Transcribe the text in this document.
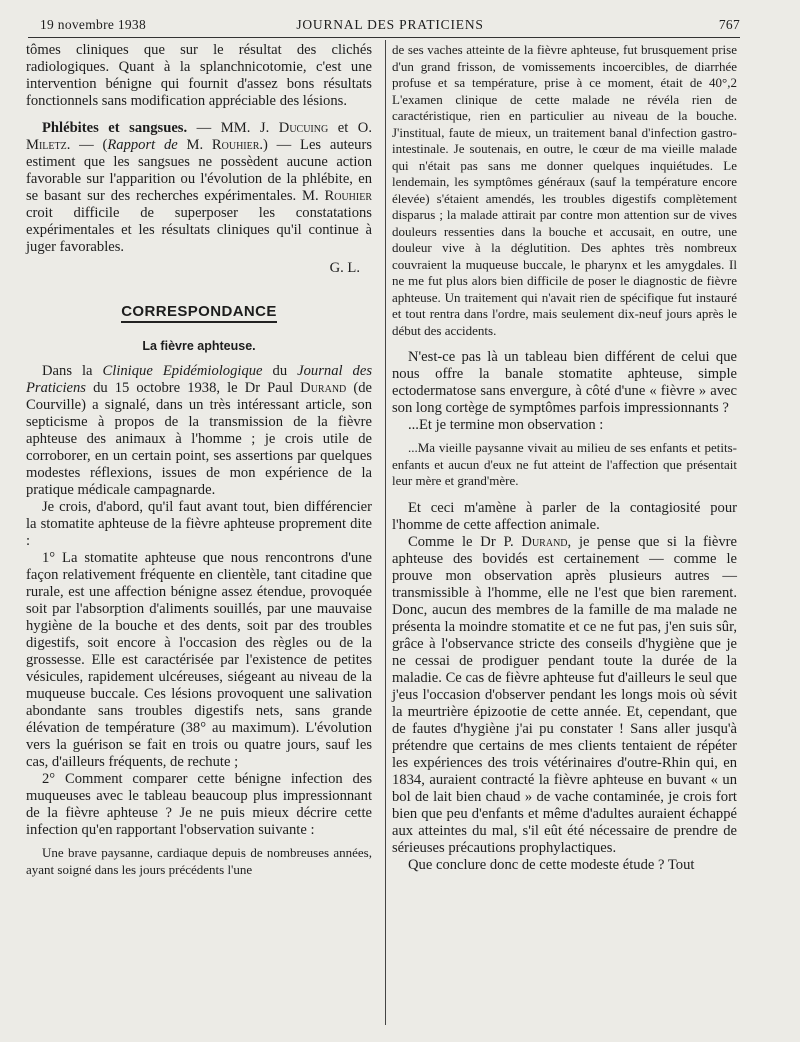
19 novembre 1938	JOURNAL DES PRATICIENS	767

tômes cliniques que sur le résultat des clichés radiologiques. Quant à la splanchnicotomie, c'est une intervention bénigne qui fournit d'assez bons résultats fonctionnels sans modification appréciable des lésions.

Phlébites et sangsues. — MM. J. Ducuing et O. Miletz. — (Rapport de M. Rouhier.) — Les auteurs estiment que les sangsues ne possèdent aucune action favorable sur l'apparition ou l'évolution de la phlébite, en se basant sur des recherches expérimentales. M. Rouhier croit difficile de superposer les constatations expérimentales et les résultats cliniques qu'il continue à juger favorables.

G. L.

CORRESPONDANCE
La fièvre aphteuse.

Dans la Clinique Epidémiologique du Journal des Praticiens du 15 octobre 1938, le Dr Paul Durand (de Courville) a signalé, dans un très intéressant article, son septicisme à propos de la transmission de la fièvre aphteuse des animaux à l'homme ; je crois utile de corroborer, en un certain point, ses assertions par quelques modestes réflexions, issues de mon expérience de la pratique médicale campagnarde.

Je crois, d'abord, qu'il faut avant tout, bien différencier la stomatite aphteuse de la fièvre aphteuse proprement dite :

1° La stomatite aphteuse que nous rencontrons d'une façon relativement fréquente en clientèle, tant citadine que rurale, est une affection bénigne assez étendue, provoquée soit par l'absorption d'aliments souillés, par une mauvaise hygiène de la bouche et des dents, soit par des troubles digestifs, soit encore à l'occasion des règles ou de la grossesse. Elle est caractérisée par l'existence de petites vésicules, rapidement ulcéreuses, siégeant au niveau de la muqueuse buccale. Ces lésions provoquent une salivation abondante sans troubles digestifs nets, sans grande élévation de température (38° au maximum). L'évolution vers la guérison se fait en trois ou quatre jours, sauf les cas, d'ailleurs fréquents, de rechute ;

2° Comment comparer cette bénigne infection des muqueuses avec le tableau beaucoup plus impressionnant de la fièvre aphteuse ? Je ne puis mieux décrire cette infection qu'en rapportant l'observation suivante :

Une brave paysanne, cardiaque depuis de nombreuses années, ayant soigné dans les jours précédents l'une

de ses vaches atteinte de la fièvre aphteuse, fut brusquement prise d'un grand frisson, de vomissements incoercibles, de diarrhée profuse et sa température, prise à ce moment, était de 40°,2 L'examen clinique de cette malade ne révéla rien de caractéristique, rien en particulier au niveau de la bouche. J'institual, faute de mieux, un traitement banal d'infection gastro-intestinale. Je soutenais, en outre, le cœur de ma vieille malade qui n'était pas sans me donner quelques inquiétudes. Le lendemain, les symptômes généraux (sauf la température encore élevée) s'étaient amendés, les troubles digestifs complètement disparus ; la malade attirait par contre mon attention sur de vives douleurs ressenties dans la bouche et accusait, en outre, une douleur vive à la déglutition. Des aphtes très nombreux couvraient la muqueuse buccale, le pharynx et les amygdales. Il ne me fut plus alors bien difficile de poser le diagnostic de fièvre aphteuse. Un traitement qui n'avait rien de spécifique fut instauré et tout rentra dans l'ordre, mais seulement dix-neuf jours après le début des accidents.

N'est-ce pas là un tableau bien différent de celui que nous offre la banale stomatite aphteuse, simple ectodermatose sans envergure, à côté d'une « fièvre » avec son long cortège de symptômes parfois impressionnants ?

...Et je termine mon observation :

...Ma vieille paysanne vivait au milieu de ses enfants et petits-enfants et aucun d'eux ne fut atteint de l'affection que présentait leur mère et grand'mère.

Et ceci m'amène à parler de la contagiosité pour l'homme de cette affection animale.

Comme le Dr P. Durand, je pense que si la fièvre aphteuse des bovidés est certainement — comme le prouve mon observation après plusieurs autres — transmissible à l'homme, elle ne l'est que bien rarement. Donc, aucun des membres de la famille de ma malade ne présenta la moindre stomatite et ce ne fut pas, j'en suis sûr, grâce à l'observance stricte des conseils d'hygiène que je ne cessai de prodiguer pendant toute la durée de la maladie. Ce cas de fièvre aphteuse fut d'ailleurs le seul que j'eus l'occasion d'observer pendant les longs mois où sévit la meurtrière épizootie de cette année. Et, cependant, que de fautes d'hygiène j'ai pu constater ! Sans aller jusqu'à prétendre que certains de mes clients tentaient de répéter les expériences des trois vétérinaires d'outre-Rhin qui, en 1834, auraient contracté la fièvre aphteuse en buvant « un bol de lait bien chaud » de vache contaminée, je crois fort bien que peu d'enfants et même d'adultes auraient échappé aux atteintes du mal, s'il eût été nécessaire de prendre de sérieuses précautions prophylactiques.

Que conclure donc de cette modeste étude ? Tout
